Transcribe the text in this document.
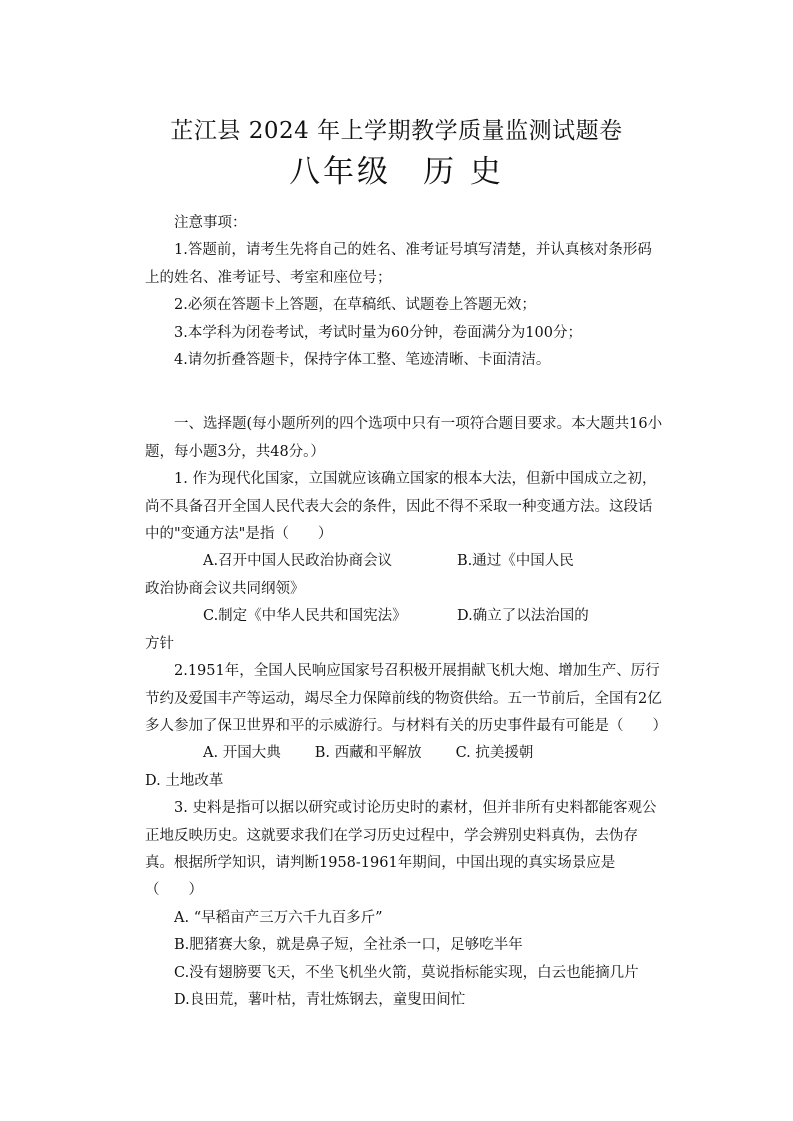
芷江县 2024 年上学期教学质量监测试题卷
八年级 历 史

注意事项：

1.答题前，请考生先将自己的姓名、准考证号填写清楚，并认真核对条形码上的姓名、准考证号、考室和座位号；

2.必须在答题卡上答题，在草稿纸、试题卷上答题无效；

3.本学科为闭卷考试，考试时量为60分钟，卷面满分为100分；

4.请勿折叠答题卡，保持字体工整、笔迹清晰、卡面清洁。

一、选择题(每小题所列的四个选项中只有一项符合题目要求。本大题共16小题，每小题3分，共48分。）

1. 作为现代化国家，立国就应该确立国家的根本大法，但新中国成立之初，尚不具备召开全国人民代表大会的条件，因此不得不采取一种变通方法。这段话中的"变通方法"是指（　　）

A.召开中国人民政治协商会议	B.通过《中国人民

政治协商会议共同纲领》

C.制定《中华人民共和国宪法》	D.确立了以法治国的

方针

2.1951年，全国人民响应国家号召积极开展捐献飞机大炮、增加生产、厉行节约及爱国丰产等运动，竭尽全力保障前线的物资供给。五一节前后，全国有2亿多人参加了保卫世界和平的示威游行。与材料有关的历史事件最有可能是（　　）

A. 开国大典 B. 西藏和平解放 C. 抗美援朝

D. 土地改革

3. 史料是指可以据以研究或讨论历史时的素材，但并非所有史料都能客观公正地反映历史。这就要求我们在学习历史过程中，学会辨别史料真伪，去伪存真。根据所学知识，请判断1958-1961年期间，中国出现的真实场景应是（　　）

A. “早稻亩产三万六千九百多斤”

B.肥猪赛大象，就是鼻子短，全社杀一口，足够吃半年

C.没有翅膀要飞天，不坐飞机坐火箭，莫说指标能实现，白云也能摘几片

D.良田荒，薯叶枯，青壮炼钢去，童叟田间忙
